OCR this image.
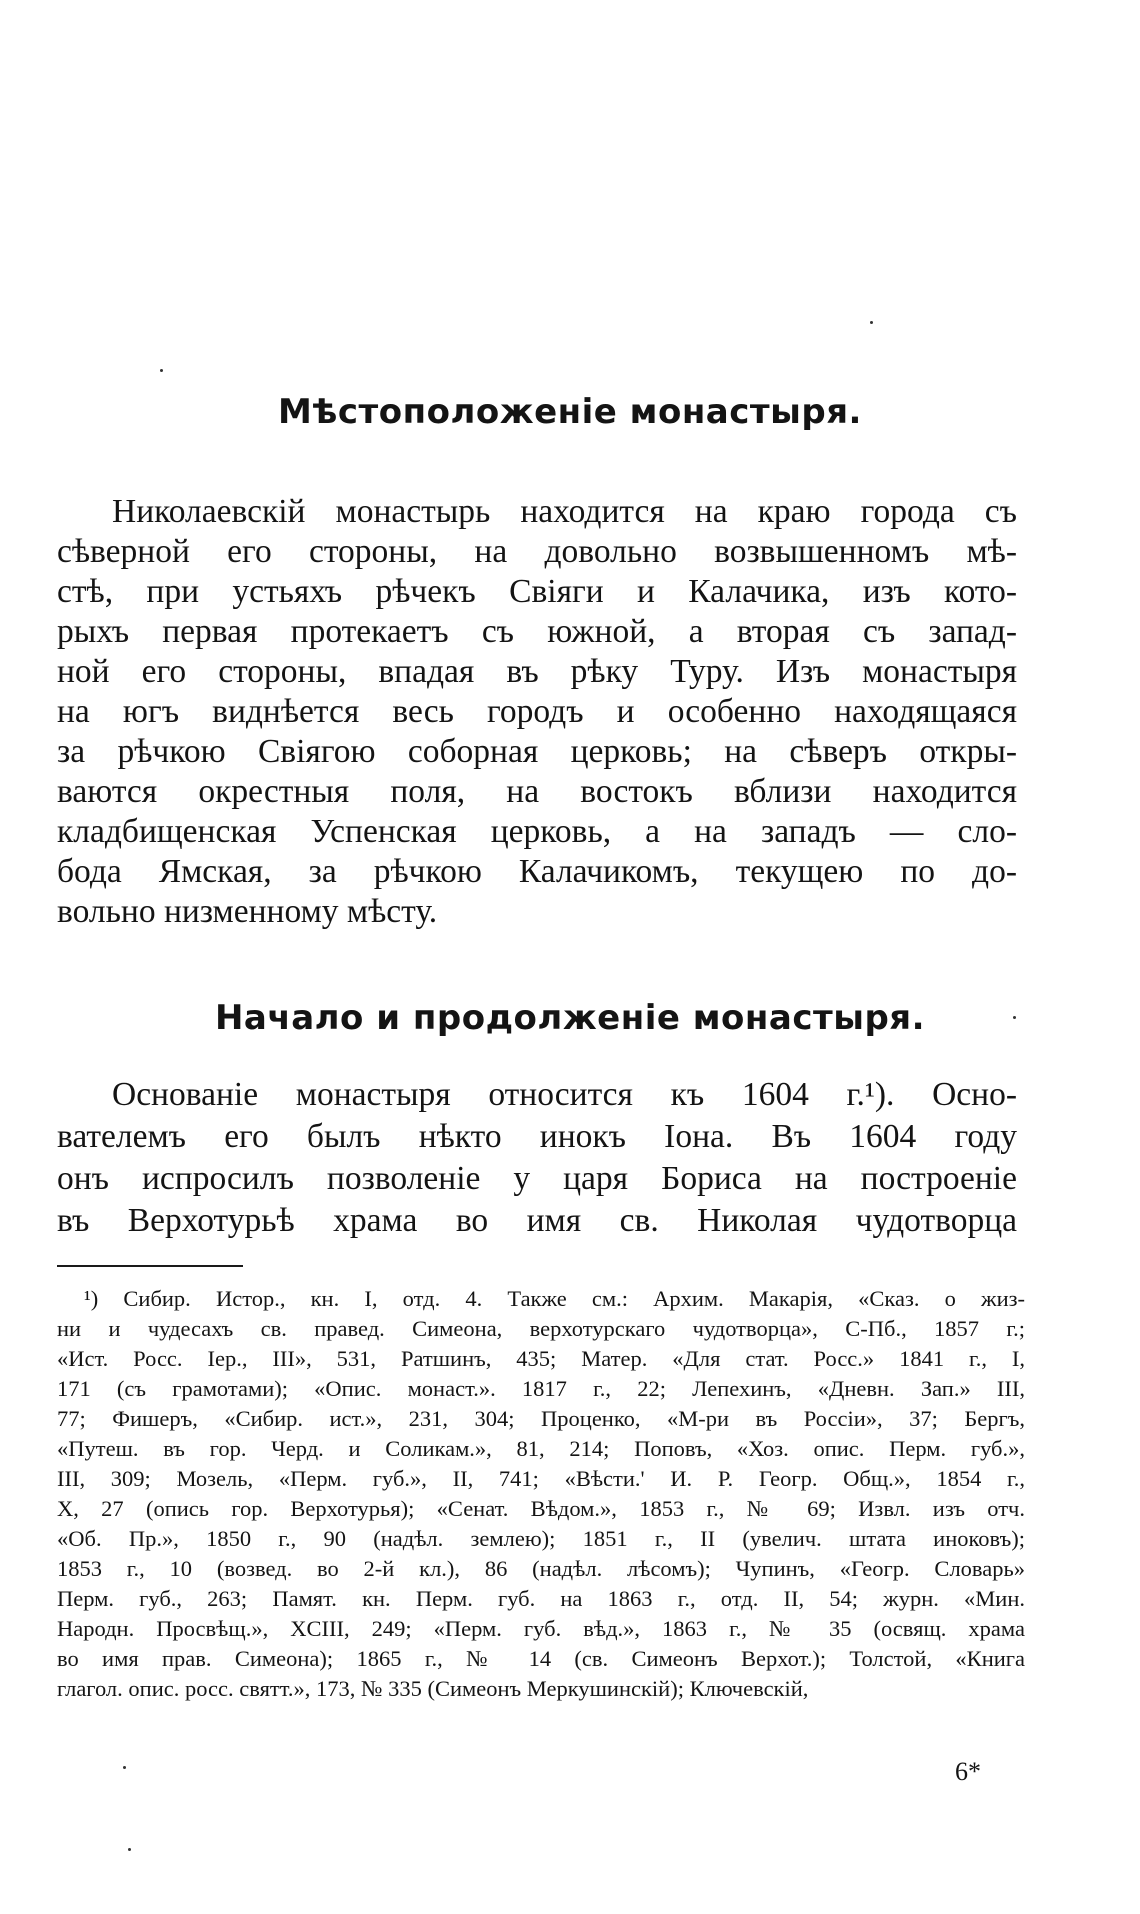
Мѣстоположеніе монастыря.

Николаевскій монастырь находится на краю города съ

сѣверной его стороны, на довольно возвышенномъ мѣ-

стѣ, при устьяхъ рѣчекъ Свіяги и Калачика, изъ кото-

рыхъ первая протекаетъ съ южной, а вторая съ запад-

ной его стороны, впадая въ рѣку Туру. Изъ монастыря

на югъ виднѣется весь городъ и особенно находящаяся

за рѣчкою Свіягою соборная церковь; на сѣверъ откры-

ваются окрестныя поля, на востокъ вблизи находится

кладбищенская Успенская церковь, а на западъ — сло-

бода Ямская, за рѣчкою Калачикомъ, текущею по до-

вольно низменному мѣсту.

Начало и продолженіе монастыря.

Основаніе монастыря относится къ 1604 г.¹). Осно-

вателемъ его былъ нѣкто инокъ Іона. Въ 1604 году

онъ испросилъ позволеніе у царя Бориса на построеніе

въ Верхотурьѣ храма во имя св. Николая чудотворца

¹) Сибир. Истор., кн. I, отд. 4. Также см.: Архим. Макарія, «Сказ. о жиз-

ни и чудесахъ св. правед. Симеона, верхотурскаго чудотворца», С-Пб., 1857 г.;

«Ист. Росс. Іер., III», 531, Ратшинъ, 435; Матер. «Для стат. Росс.» 1841 г., I,

171 (съ грамотами); «Опис. монаст.». 1817 г., 22; Лепехинъ, «Дневн. Зап.» III,

77; Фишеръ, «Сибир. ист.», 231, 304; Проценко, «М-ри въ Россіи», 37; Бергъ,

«Путеш. въ гор. Черд. и Соликам.», 81, 214; Поповъ, «Хоз. опис. Перм. губ.»,

III, 309; Мозель, «Перм. губ.», II, 741; «Вѣсти.' И. Р. Геогр. Общ.», 1854 г.,

X, 27 (опись гор. Верхотурья); «Сенат. Вѣдом.», 1853 г., № 69; Извл. изъ отч.

«Об. Пр.», 1850 г., 90 (надѣл. землею); 1851 г., II (увелич. штата иноковъ);

1853 г., 10 (возвед. во 2-й кл.), 86 (надѣл. лѣсомъ); Чупинъ, «Геогр. Словарь»

Перм. губ., 263; Памят. кн. Перм. губ. на 1863 г., отд. II, 54; журн. «Мин.

Народн. Просвѣщ.», XCIII, 249; «Перм. губ. вѣд.», 1863 г., № 35 (освящ. храма

во имя прав. Симеона); 1865 г., № 14 (св. Симеонъ Верхот.); Толстой, «Книга

глагол. опис. росс. святт.», 173, № 335 (Симеонъ Меркушинскій); Ключевскій,

6*
